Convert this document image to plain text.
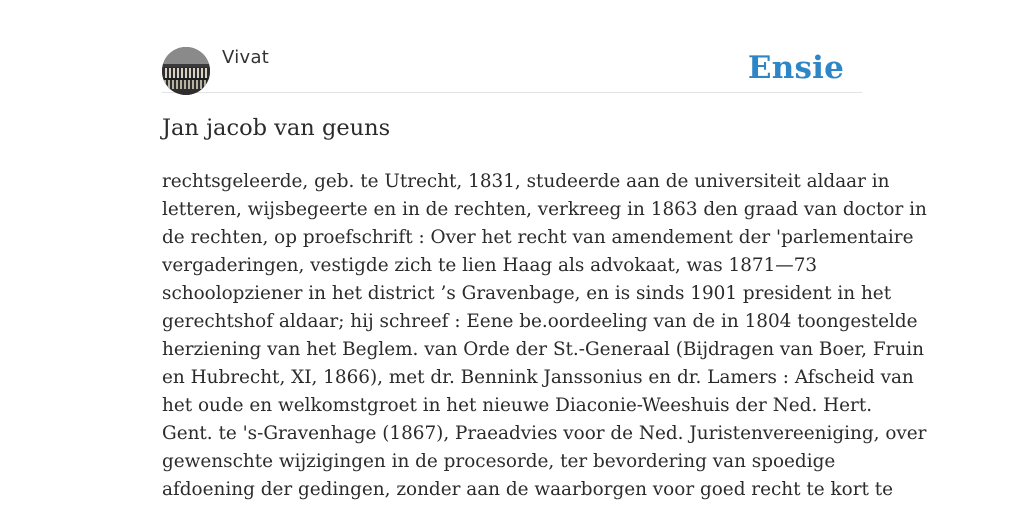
Vivat	Ensie
Jan jacob van geuns

rechtsgeleerde, geb. te Utrecht, 1831, studeerde aan de universiteit aldaar in
letteren, wijsbegeerte en in de rechten, verkreeg in 1863 den graad van doctor in
de rechten, op proefschrift : Over het recht van amendement der 'parlementaire
vergaderingen, vestigde zich te lien Haag als advokaat, was 1871—73
schoolopziener in het district ’s Gravenbage, en is sinds 1901 president in het
gerechtshof aldaar; hij schreef : Eene be.oordeeling van de in 1804 toongestelde
herziening van het Beglem. van Orde der St.-Generaal (Bijdragen van Boer, Fruin
en Hubrecht, XI, 1866), met dr. Bennink Janssonius en dr. Lamers : Afscheid van
het oude en welkomstgroet in het nieuwe Diaconie-Weeshuis der Ned. Hert.
Gent. te 's-Gravenhage (1867), Praeadvies voor de Ned. Juristenvereeniging, over
gewenschte wijzigingen in de procesorde, ter bevordering van spoedige
afdoening der gedingen, zonder aan de waarborgen voor goed recht te kort te
